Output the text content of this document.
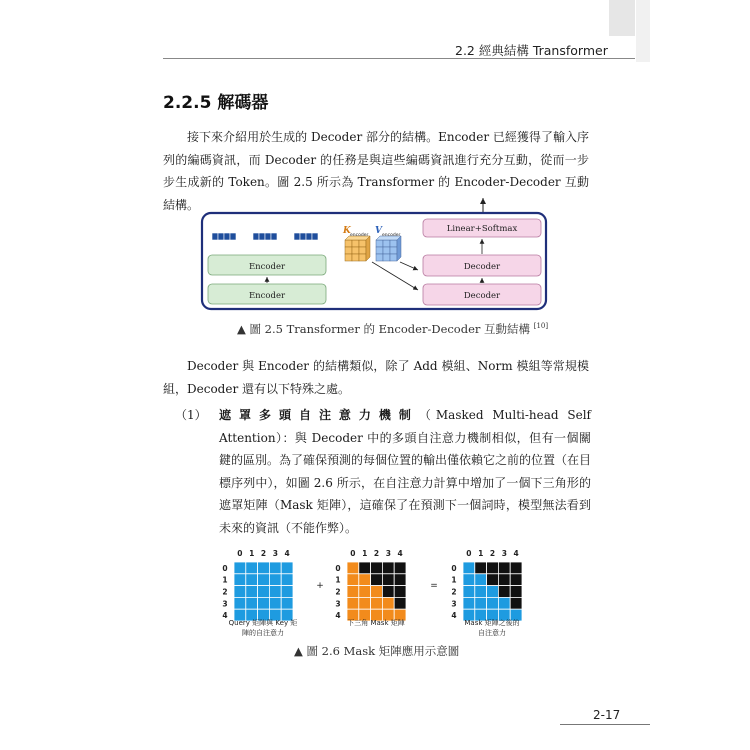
2.2 經典結構 Transformer
2.2.5 解碼器
接下來介紹用於生成的 Decoder 部分的結構。Encoder 已經獲得了輸入序列的編碼資訊，而 Decoder 的任務是與這些編碼資訊進行充分互動，從而一步步生成新的 Token。圖 2.5 所示為 Transformer 的 Encoder-Decoder 互動結構。
Encoder
Encoder
K encoder V encoder
Linear+Softmax
Decoder
Decoder
▲ 圖 2.5 Transformer 的 Encoder-Decoder 互動結構 [10]
Decoder 與 Encoder 的結構類似，除了 Add 模組、Norm 模組等常規模組，Decoder 還有以下特殊之處。
（1） 遮罩多頭自注意力機制（Masked Multi-head Self Attention）：與 Decoder 中的多頭自注意力機制相似，但有一個關鍵的區別。為了確保預測的每個位置的輸出僅依賴它之前的位置（在目標序列中），如圖 2.6 所示，在自注意力計算中增加了一個下三角形的遮罩矩陣（Mask 矩陣），這確保了在預測下一個詞時，模型無法看到未來的資訊（不能作弊）。
0 1 2 3 4
0
1
2
3
4
0 1 2 3 4
0
1
2
3
4
0 1 2 3 4
0
1
2
3
4
+	=
Query 矩陣與 Key 矩
陣的自注意力
下三角 Mask 矩陣	Mask 矩陣之後的
自注意力
▲ 圖 2.6 Mask 矩陣應用示意圖
2-17
